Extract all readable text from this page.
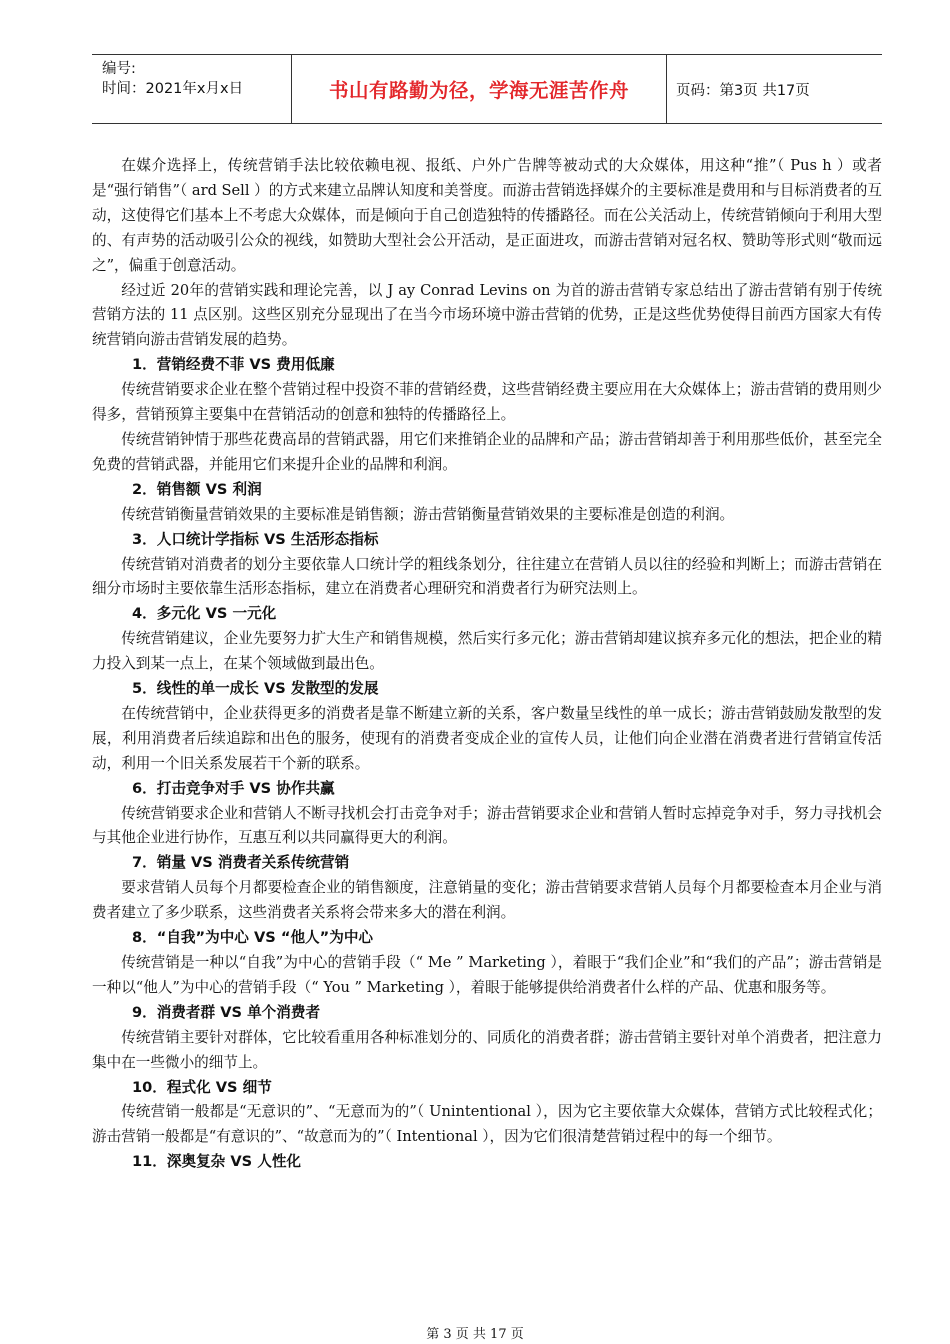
编号:
时间：2021年x月x日	书山有路勤为径，学海无涯苦作舟	页码：第3页 共17页

在媒介选择上，传统营销手法比较依赖电视、报纸、户外广告牌等被动式的大众媒体，用这种“推”（ Pus h ）或者是“强行销售”（ ard Sell ）的方式来建立品牌认知度和美誉度。而游击营销选择媒介的主要标准是费用和与目标消费者的互动，这使得它们基本上不考虑大众媒体，而是倾向于自己创造独特的传播路径。而在公关活动上，传统营销倾向于利用大型的、有声势的活动吸引公众的视线，如赞助大型社会公开活动，是正面进攻，而游击营销对冠名权、赞助等形式则“敬而远之”，偏重于创意活动。

经过近 20年的营销实践和理论完善，以 J ay Conrad Levins on 为首的游击营销专家总结出了游击营销有别于传统营销方法的 11 点区别。这些区别充分显现出了在当今市场环境中游击营销的优势，正是这些优势使得目前西方国家大有传统营销向游击营销发展的趋势。

1．营销经费不菲 VS 费用低廉

传统营销要求企业在整个营销过程中投资不菲的营销经费，这些营销经费主要应用在大众媒体上；游击营销的费用则少得多，营销预算主要集中在营销活动的创意和独特的传播路径上。

传统营销钟情于那些花费高昂的营销武器，用它们来推销企业的品牌和产品；游击营销却善于利用那些低价，甚至完全免费的营销武器，并能用它们来提升企业的品牌和利润。

2．销售额 VS 利润

传统营销衡量营销效果的主要标准是销售额；游击营销衡量营销效果的主要标准是创造的利润。

3．人口统计学指标 VS 生活形态指标

传统营销对消费者的划分主要依靠人口统计学的粗线条划分，往往建立在营销人员以往的经验和判断上；而游击营销在细分市场时主要依靠生活形态指标，建立在消费者心理研究和消费者行为研究法则上。

4．多元化 VS 一元化

传统营销建议，企业先要努力扩大生产和销售规模，然后实行多元化；游击营销却建议摈弃多元化的想法，把企业的精力投入到某一点上，在某个领域做到最出色。

5．线性的单一成长 VS 发散型的发展

在传统营销中，企业获得更多的消费者是靠不断建立新的关系，客户数量呈线性的单一成长；游击营销鼓励发散型的发展，利用消费者后续追踪和出色的服务，使现有的消费者变成企业的宣传人员，让他们向企业潜在消费者进行营销宣传活动，利用一个旧关系发展若干个新的联系。

6．打击竞争对手 VS 协作共赢

传统营销要求企业和营销人不断寻找机会打击竞争对手；游击营销要求企业和营销人暂时忘掉竞争对手，努力寻找机会与其他企业进行协作，互惠互利以共同赢得更大的利润。

7．销量 VS 消费者关系传统营销

要求营销人员每个月都要检查企业的销售额度，注意销量的变化；游击营销要求营销人员每个月都要检查本月企业与消费者建立了多少联系，这些消费者关系将会带来多大的潜在利润。

8．“自我”为中心 VS “他人”为中心

传统营销是一种以“自我”为中心的营销手段（“ Me ” Marketing ），着眼于“我们企业”和“我们的产品”；游击营销是一种以“他人”为中心的营销手段（“ You ” Marketing ），着眼于能够提供给消费者什么样的产品、优惠和服务等。

9．消费者群 VS 单个消费者

传统营销主要针对群体，它比较看重用各种标准划分的、同质化的消费者群；游击营销主要针对单个消费者，把注意力集中在一些微小的细节上。

10．程式化 VS 细节

传统营销一般都是“无意识的”、“无意而为的”（ Unintentional ），因为它主要依靠大众媒体，营销方式比较程式化；游击营销一般都是“有意识的”、“故意而为的”（ Intentional ），因为它们很清楚营销过程中的每一个细节。

11．深奥复杂 VS 人性化
第 3 页 共 17 页
